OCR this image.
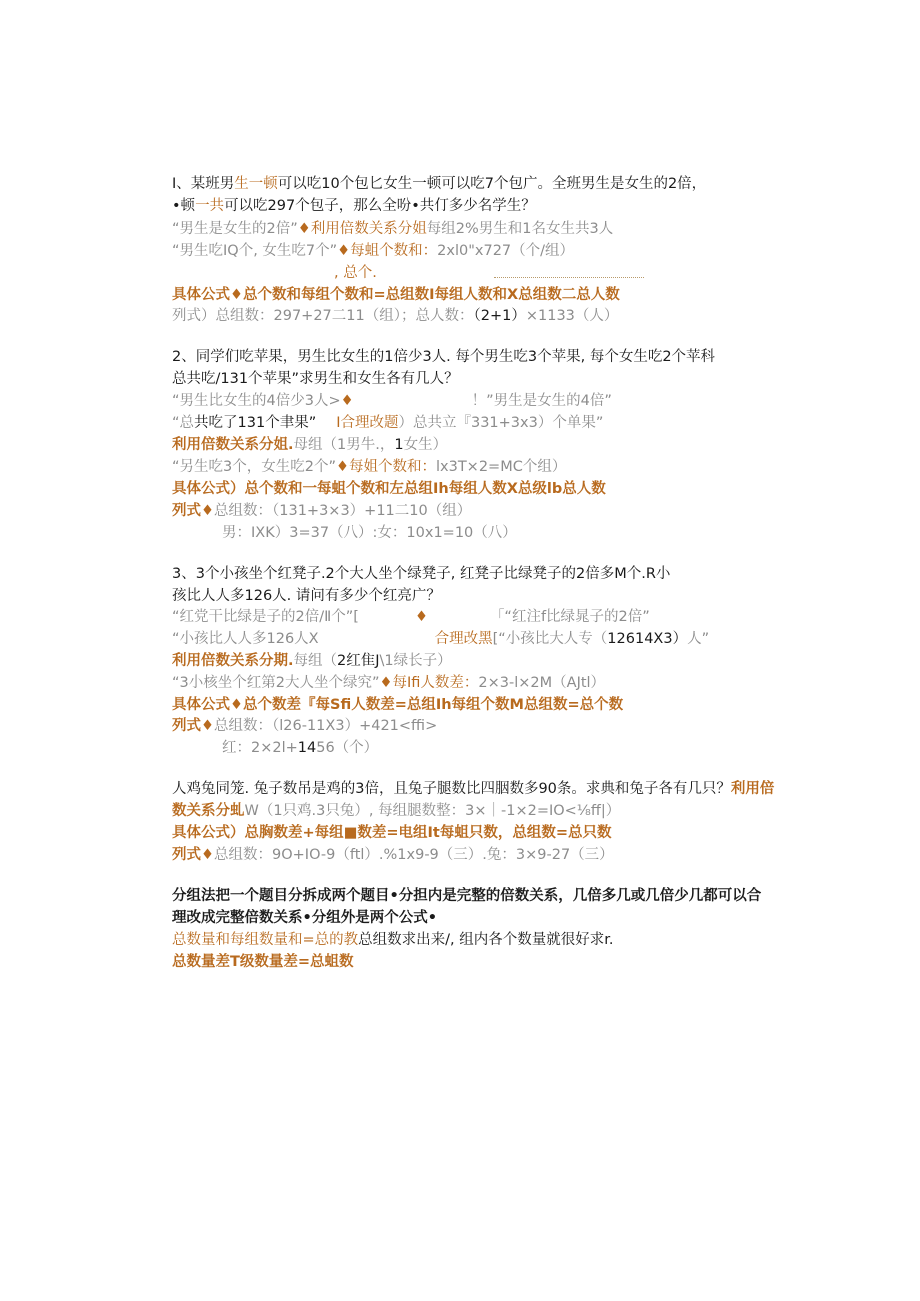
I、某班男生一顿可以吃10个包匕女生一顿可以吃7个包广。全班男生是女生的2倍，
•顿一共可以吃297个包子，那么全吩•共仃多少名学生？
“男生是女生的2倍”♦利用倍数关系分姐每组2%男生和1名女生共3人
“男生吃IQ个, 女生吃7个”♦每蛆个数和：2xl0"x727（个/组）
, 总个.
具体公式♦总个数和每组个数和=总组数I每组人数和X总组数二总人数
列式）总组数：297+27二11（组）；总人数：（2+1）×1133（人）
2、同学们吃苹果，男生比女生的1倍少3人. 每个男生吃3个苹果, 每个女生吃2个苹科
总共吃/131个苹果”求男生和女生各有几人？
“男生比女生的4倍少3人>♦	！”男生是女生的4倍”
“总共吃了131个聿果” I合理改题）总共立『331+3x3）个单果”
利用倍数关系分姐.母组（1男牛.，1女生）
“另生吃3个，女生吃2个”♦每姐个数和：lx3T×2=MC个组）
具体公式）总个数和一每蛆个数和左总组Ih每组人数X总级lb总人数
列式♦总组数：（131+3×3）+11二10（组）
男：IXK）3=37（八）:女：10x1=10（八）
3、3个小孩坐个红凳子.2个大人坐个绿凳子, 红凳子比绿凳子的2倍多M个.R小
孩比人人多126人. 请问有多少个红亮广？
“红党干比绿是子的2倍/Ⅱ个”[	♦	「“红注f比绿晁子的2倍”
“小孩比人人多126人X	合理改黑[“小孩比大人专（12614X3）人”
利用倍数关系分期.每组（2红隹J\1绿长子）
“3小核坐个红第2大人坐个绿究”♦每Ifi人数差：2×3-l×2M（AJtl）
具体公式♦总个数差『每Sfi人数差=总组Ih每组个数M总组数=总个数
列式♦总组数：（l26-11X3）+421<ffi>
红：2×2l+1456（个）
人鸡兔同笼. 兔子数吊是鸡的3倍，且兔子腿数比四胭数多90条。求典和兔子各有几只？利用倍
数关系分虬W（1只鸡.3只兔）, 每组腿数整：3×｜-1×2=IO<⅛ff|）
具体公式）总胸数差+每组■数差=电组It每蛆只数，总组数=总只数
列式♦总组数：9O+IO-9（ftl）.%1x9-9（三）.兔：3×9-27（三）
分组法把一个题目分拆成两个题目•分担内是完整的倍数关系，几倍多几或几倍少几都可以合
理改成完整倍数关系•分组外是两个公式•
总数量和每组数量和=总的教总组数求出来/, 组内各个数量就很好求r.
总数量差T级数量差=总蛆数
